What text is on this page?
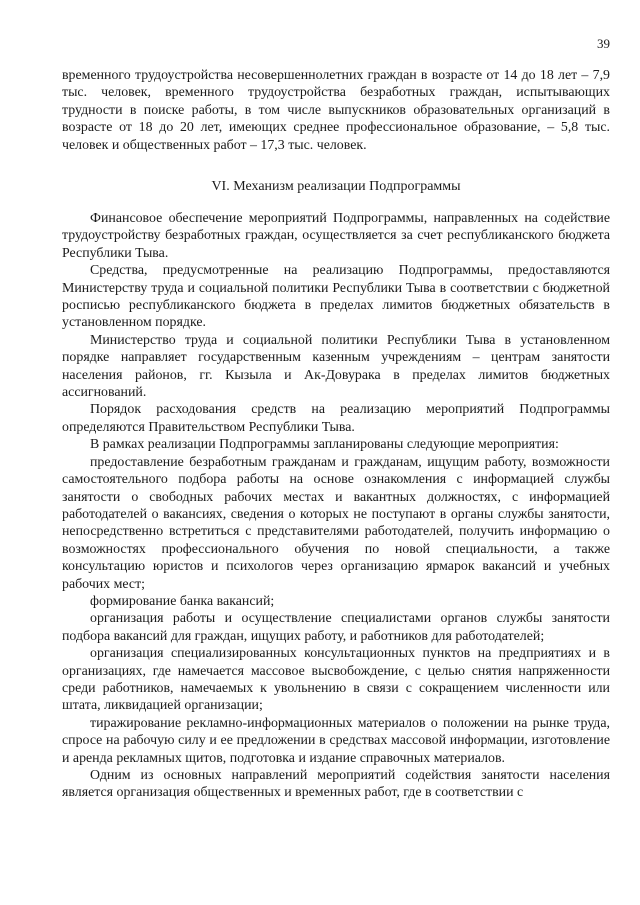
39

временного трудоустройства несовершеннолетних граждан в возрасте от 14 до 18 лет – 7,9 тыс. человек, временного трудоустройства безработных граждан, испытывающих трудности в поиске работы, в том числе выпускников образовательных организаций в возрасте от 18 до 20 лет, имеющих среднее профессиональное образование, – 5,8 тыс. человек и общественных работ – 17,3 тыс. человек.

VI. Механизм реализации Подпрограммы

Финансовое обеспечение мероприятий Подпрограммы, направленных на содействие трудоустройству безработных граждан, осуществляется за счет республиканского бюджета Республики Тыва.

Средства, предусмотренные на реализацию Подпрограммы, предоставляются Министерству труда и социальной политики Республики Тыва в соответствии с бюджетной росписью республиканского бюджета в пределах лимитов бюджетных обязательств в установленном порядке.

Министерство труда и социальной политики Республики Тыва в установленном порядке направляет государственным казенным учреждениям – центрам занятости населения районов, гг. Кызыла и Ак-Довурака в пределах лимитов бюджетных ассигнований.

Порядок расходования средств на реализацию мероприятий Подпрограммы определяются Правительством Республики Тыва.

В рамках реализации Подпрограммы запланированы следующие мероприятия:

предоставление безработным гражданам и гражданам, ищущим работу, возможности самостоятельного подбора работы на основе ознакомления с информацией службы занятости о свободных рабочих местах и вакантных должностях, с информацией работодателей о вакансиях, сведения о которых не поступают в органы службы занятости, непосредственно встретиться с представителями работодателей, получить информацию о возможностях профессионального обучения по новой специальности, а также консультацию юристов и психологов через организацию ярмарок вакансий и учебных рабочих мест;

формирование банка вакансий;

организация работы и осуществление специалистами органов службы занятости подбора вакансий для граждан, ищущих работу, и работников для работодателей;

организация специализированных консультационных пунктов на предприятиях и в организациях, где намечается массовое высвобождение, с целью снятия напряженности среди работников, намечаемых к увольнению в связи с сокращением численности или штата, ликвидацией организации;

тиражирование рекламно-информационных материалов о положении на рынке труда, спросе на рабочую силу и ее предложении в средствах массовой информации, изготовление и аренда рекламных щитов, подготовка и издание справочных материалов.

Одним из основных направлений мероприятий содействия занятости населения является организация общественных и временных работ, где в соответствии с
